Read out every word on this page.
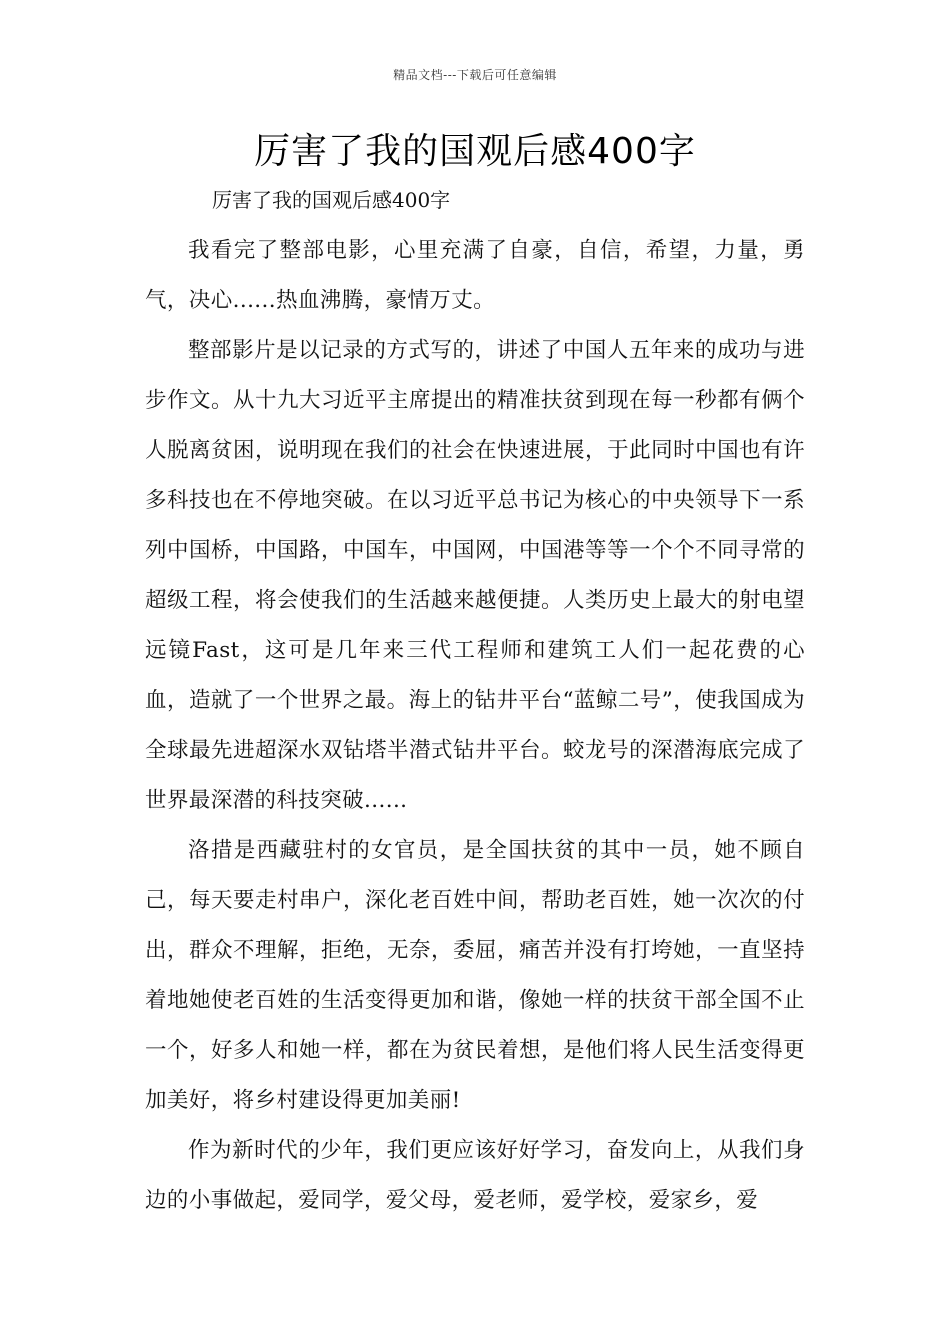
精品文档---下载后可任意编辑
厉害了我的国观后感400字
厉害了我的国观后感400字

我看完了整部电影，心里充满了自豪，自信，希望，力量，勇气，决心......热血沸腾，豪情万丈。

整部影片是以记录的方式写的，讲述了中国人五年来的成功与进步作文。从十九大习近平主席提出的精准扶贫到现在每一秒都有俩个人脱离贫困，说明现在我们的社会在快速进展，于此同时中国也有许多科技也在不停地突破。在以习近平总书记为核心的中央领导下一系列中国桥，中国路，中国车，中国网，中国港等等一个个不同寻常的超级工程，将会使我们的生活越来越便捷。人类历史上最大的射电望远镜Fast，这可是几年来三代工程师和建筑工人们一起花费的心血，造就了一个世界之最。海上的钻井平台“蓝鲸二号”，使我国成为全球最先进超深水双钻塔半潜式钻井平台。蛟龙号的深潜海底完成了世界最深潜的科技突破......

洛措是西藏驻村的女官员，是全国扶贫的其中一员，她不顾自己，每天要走村串户，深化老百姓中间，帮助老百姓，她一次次的付出，群众不理解，拒绝，无奈，委屈，痛苦并没有打垮她，一直坚持着地她使老百姓的生活变得更加和谐，像她一样的扶贫干部全国不止一个，好多人和她一样，都在为贫民着想，是他们将人民生活变得更加美好，将乡村建设得更加美丽!

作为新时代的少年，我们更应该好好学习，奋发向上，从我们身边的小事做起，爱同学，爱父母，爱老师，爱学校，爱家乡，爱
